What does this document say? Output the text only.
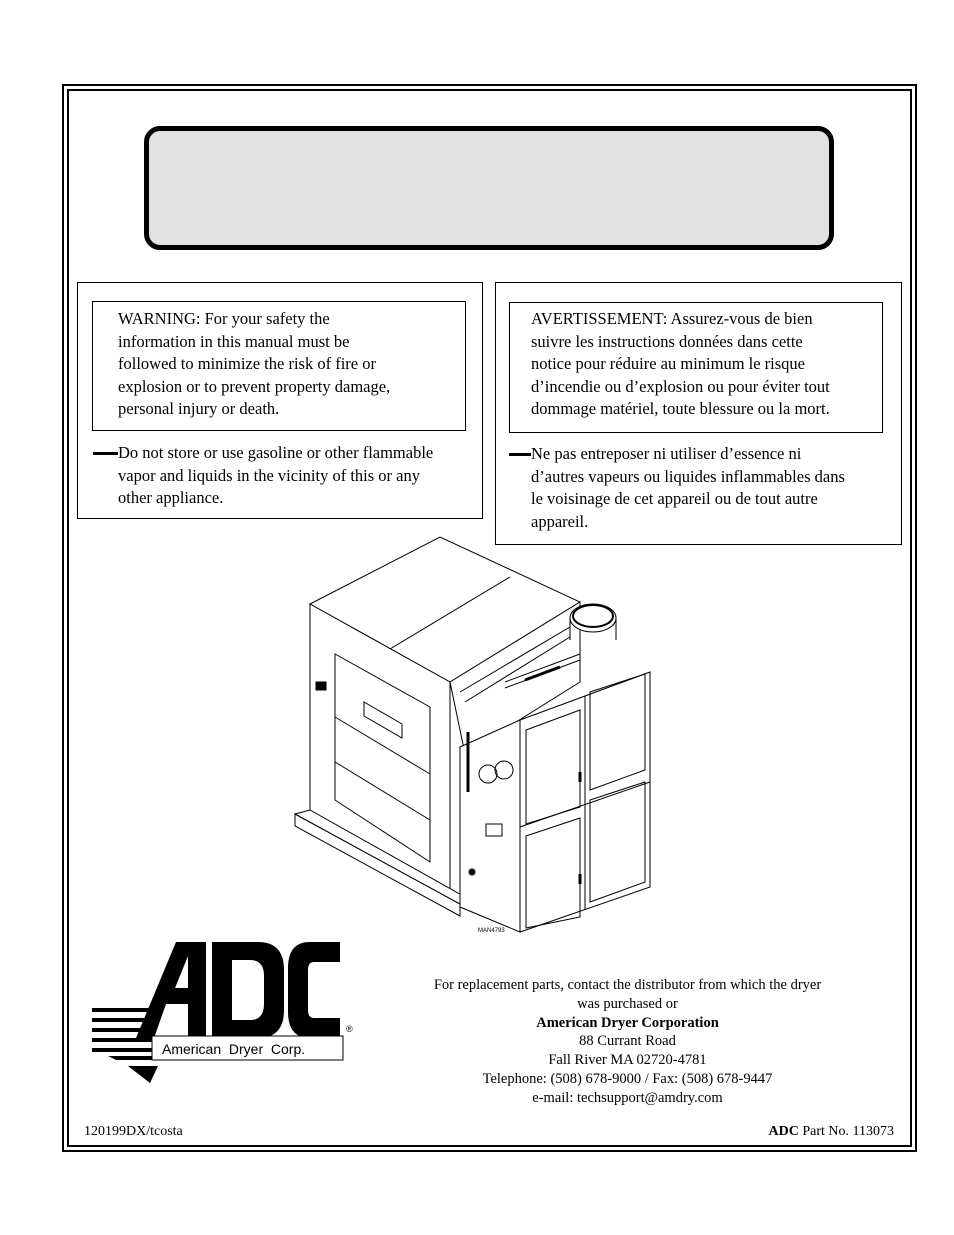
WARNING: For your safety the
information in this manual must be
followed to minimize the risk of fire or
explosion or to prevent property damage,
personal injury or death.
Do not store or use gasoline or other flammable
vapor and liquids in the vicinity of this or any
other appliance.
AVERTISSEMENT: Assurez-vous de bien
suivre les instructions données dans cette
notice pour réduire au minimum le risque
d’incendie ou d’explosion ou pour éviter tout
dommage matériel, toute blessure ou la mort.
Ne pas entreposer ni utiliser d’essence ni
d’autres vapeurs ou liquides inflammables dans
le voisinage de cet appareil ou de tout autre
appareil.
MAN4793
American  Dryer  Corp.
®
For replacement parts, contact the distributor from which the dryer
was purchased or
American Dryer Corporation
88 Currant Road
Fall River MA 02720-4781
Telephone: (508) 678-9000 / Fax: (508) 678-9447
e-mail: techsupport@amdry.com
120199DX/tcosta	ADC Part No. 113073
